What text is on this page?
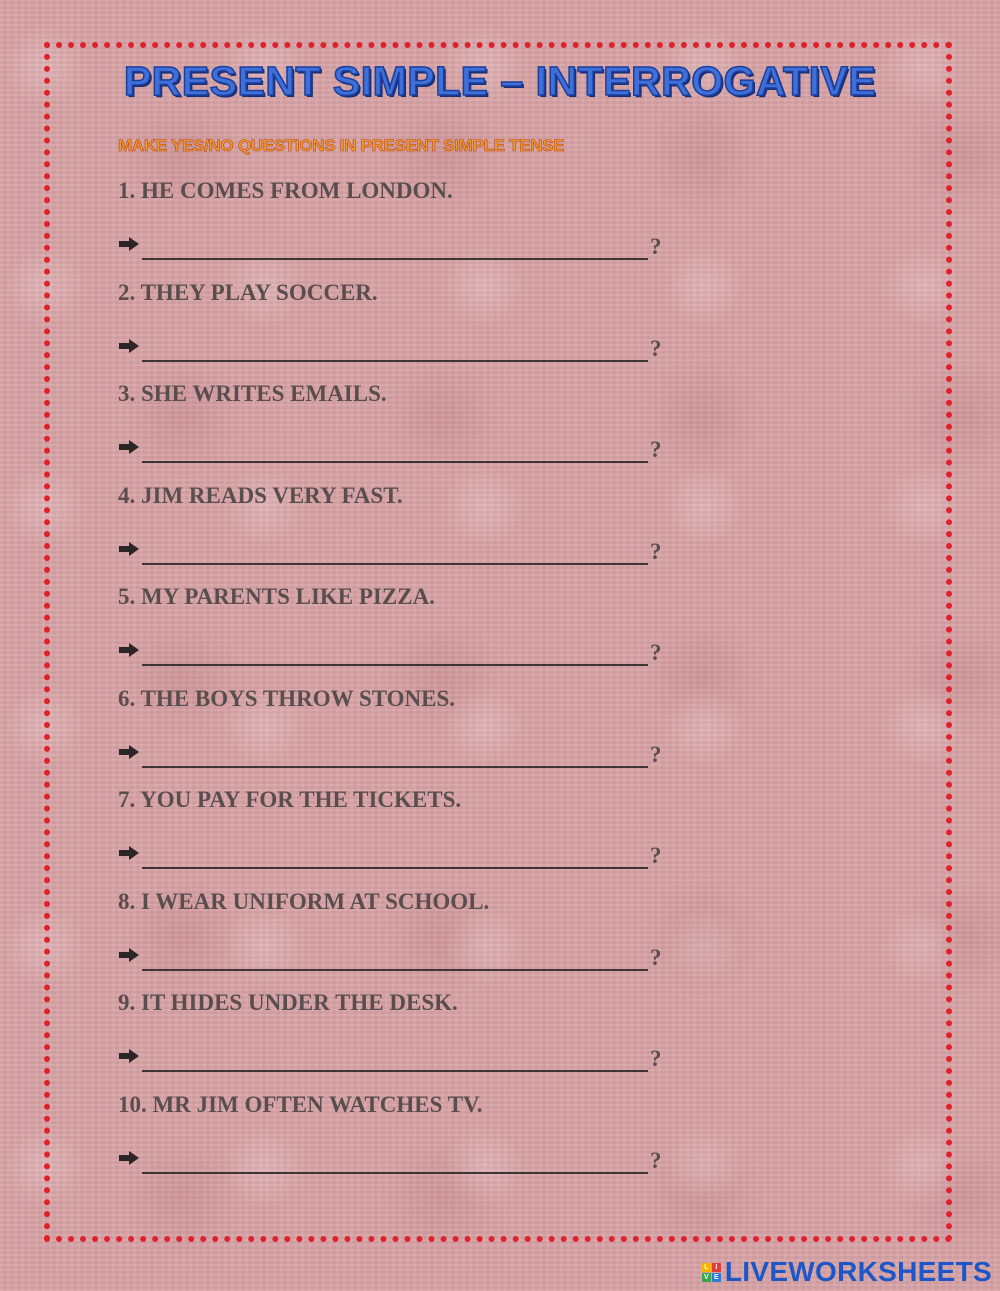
PRESENT SIMPLE – INTERROGATIVE
MAKE YES/NO QUESTIONS IN PRESENT SIMPLE TENSE
1. HE COMES FROM LONDON.
?
2. THEY PLAY SOCCER.
?
3. SHE WRITES EMAILS.
?
4. JIM READS VERY FAST.
?
5. MY PARENTS LIKE PIZZA.
?
6. THE BOYS THROW STONES.
?
7. YOU PAY FOR THE TICKETS.
?
8. I WEAR UNIFORM AT SCHOOL.
?
9. IT HIDES UNDER THE DESK.
?
10. MR JIM OFTEN WATCHES TV.
?
L I
V E LIVEWORKSHEETS
